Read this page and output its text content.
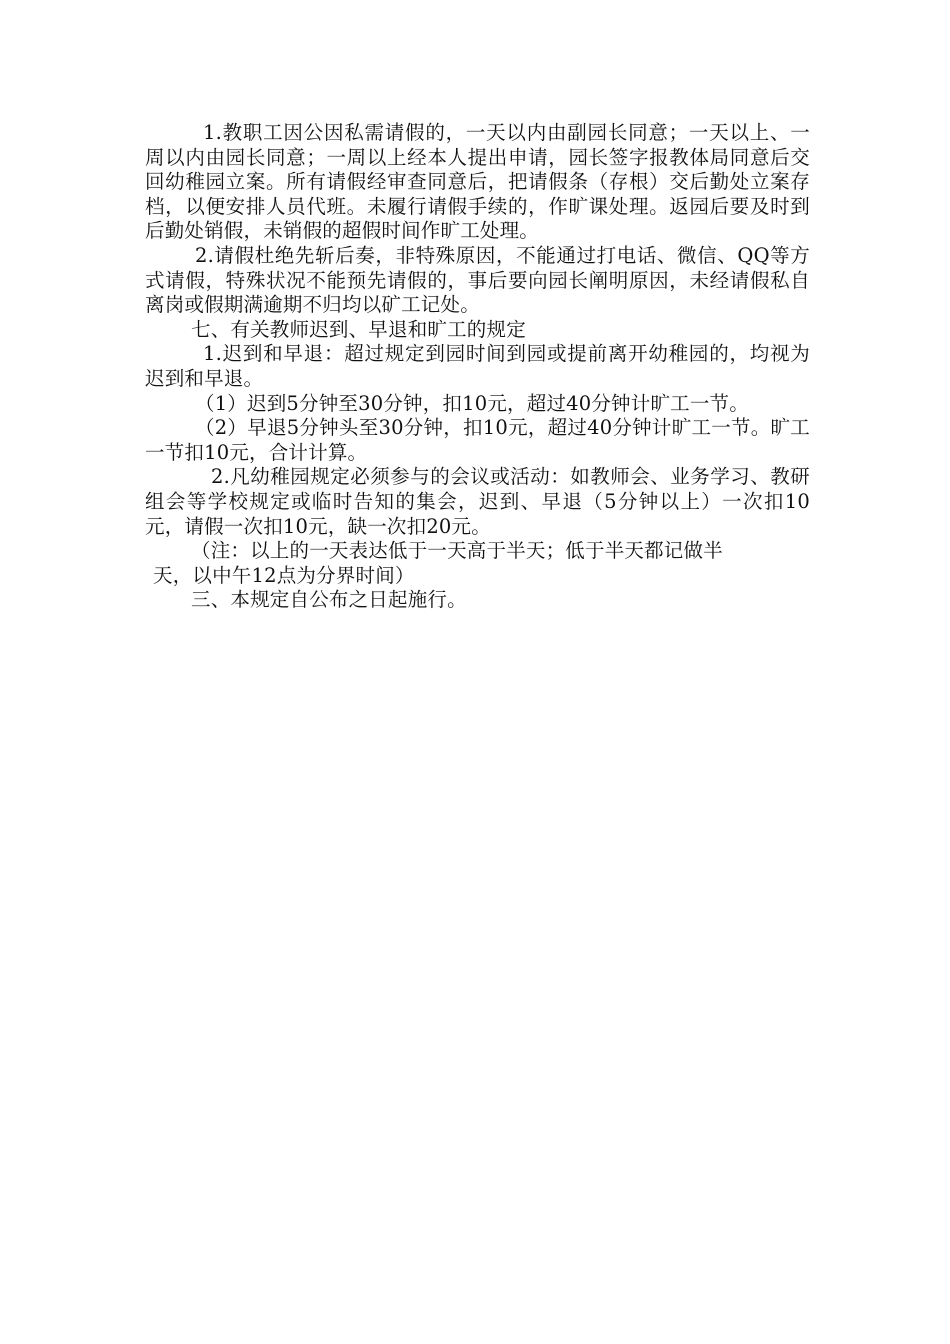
1.教职工因公因私需请假的，一天以内由副园长同意；一天以上、一周以内由园长同意；一周以上经本人提出申请，园长签字报教体局同意后交回幼稚园立案。所有请假经审查同意后，把请假条（存根）交后勤处立案存档，以便安排人员代班。未履行请假手续的，作旷课处理。返园后要及时到后勤处销假，未销假的超假时间作旷工处理。

2.请假杜绝先斩后奏，非特殊原因，不能通过打电话、微信、QQ等方式请假，特殊状况不能预先请假的，事后要向园长阐明原因，未经请假私自离岗或假期满逾期不归均以矿工记处。

七、有关教师迟到、早退和旷工的规定

1.迟到和早退：超过规定到园时间到园或提前离开幼稚园的，均视为迟到和早退。

（1）迟到5分钟至30分钟，扣10元，超过40分钟计旷工一节。

（2）早退5分钟头至30分钟，扣10元，超过40分钟计旷工一节。旷工一节扣10元，合计计算。

2.凡幼稚园规定必须参与的会议或活动：如教师会、业务学习、教研组会等学校规定或临时告知的集会，迟到、早退（5分钟以上）一次扣10元，请假一次扣10元，缺一次扣20元。

（注：以上的一天表达低于一天高于半天；低于半天都记做半

天，以中午12点为分界时间）

三、本规定自公布之日起施行。
